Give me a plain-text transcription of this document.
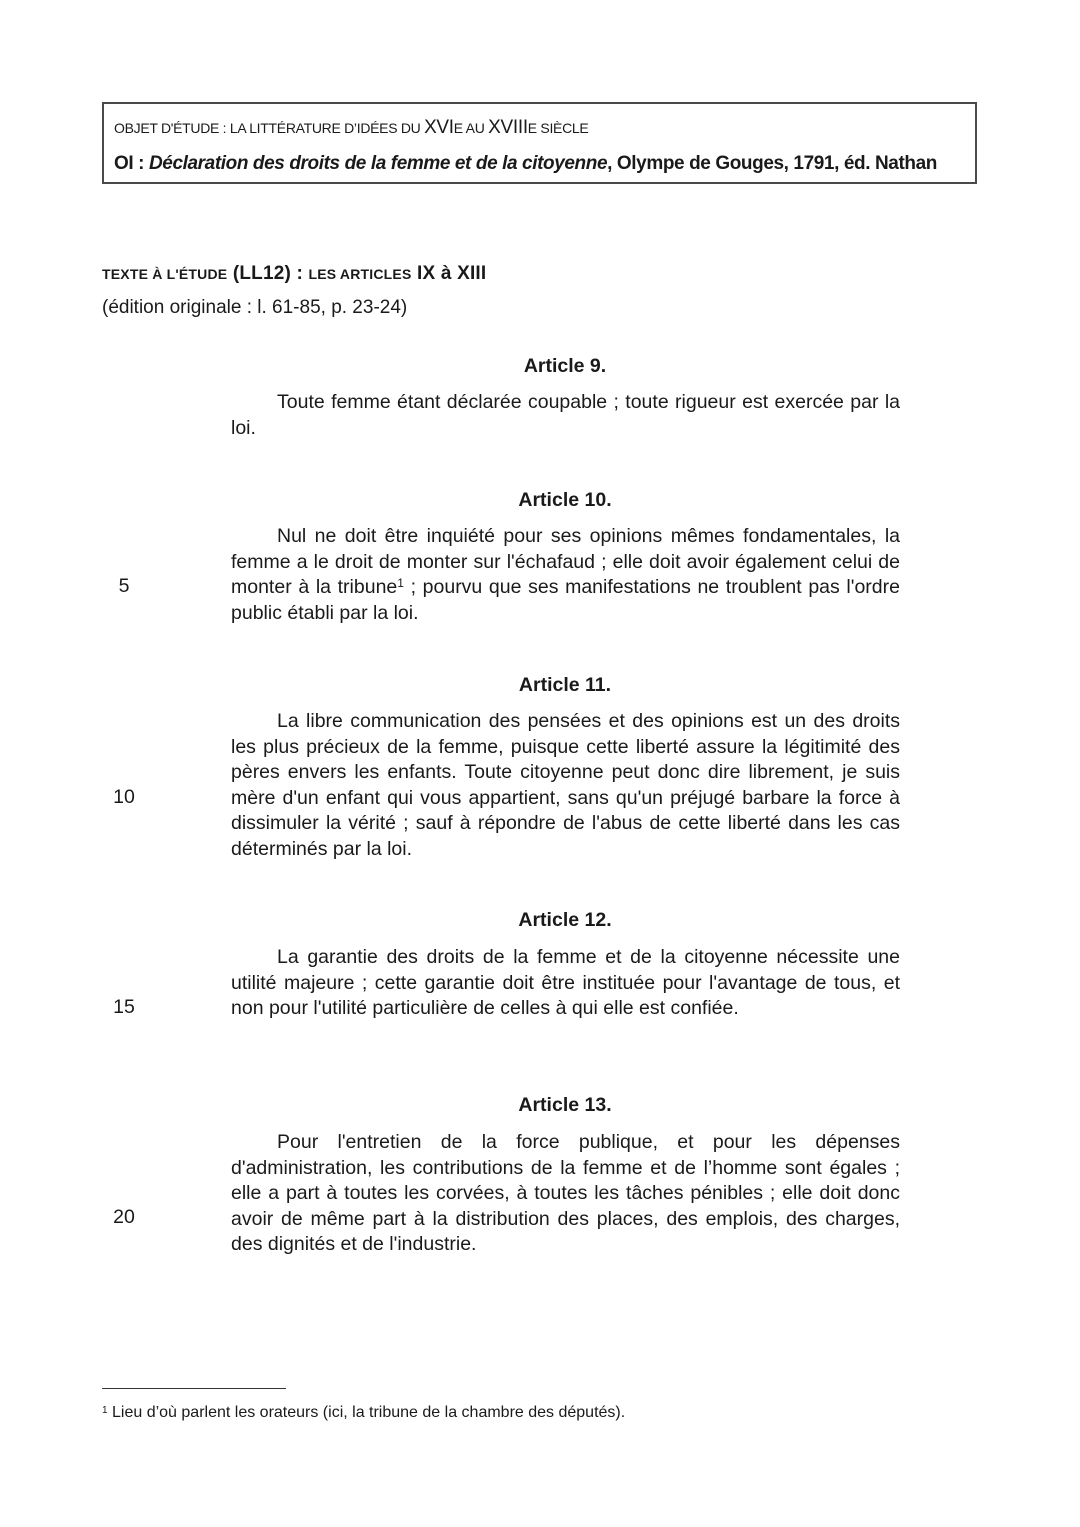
OBJET D'ÉTUDE : LA LITTÉRATURE D’IDÉES DU XVIE AU XVIIIE SIÈCLE
OI : Déclaration des droits de la femme et de la citoyenne, Olympe de Gouges, 1791, éd. Nathan
TEXTE À L'ÉTUDE (LL12) : LES ARTICLES IX à XIII
(édition originale : l. 61-85, p. 23-24)
Article 9.

Toute femme étant déclarée coupable ; toute rigueur est exercée par la loi.

Article 10.

Nul ne doit être inquiété pour ses opinions mêmes fondamentales, la femme a le droit de monter sur l'échafaud ; elle doit avoir également celui de monter à la tribune$^1$ ; pourvu que ses manifestations ne troublent pas l'ordre public établi par la loi.

5
Article 11.

La libre communication des pensées et des opinions est un des droits les plus précieux de la femme, puisque cette liberté assure la légitimité des pères envers les enfants. Toute citoyenne peut donc dire librement, je suis mère d'un enfant qui vous appartient, sans qu'un préjugé barbare la force à dissimuler la vérité ; sauf à répondre de l'abus de cette liberté dans les cas déterminés par la loi.

10
Article 12.

La garantie des droits de la femme et de la citoyenne nécessite une utilité majeure ; cette garantie doit être instituée pour l'avantage de tous, et non pour l'utilité particulière de celles à qui elle est confiée.

15
Article 13.

Pour l'entretien de la force publique, et pour les dépenses d'administration, les contributions de la femme et de l’homme sont égales ; elle a part à toutes les corvées, à toutes les tâches pénibles ; elle doit donc avoir de même part à la distribution des places, des emplois, des charges, des dignités et de l'industrie.

20
$^1$ Lieu d’où parlent les orateurs (ici, la tribune de la chambre des députés).
